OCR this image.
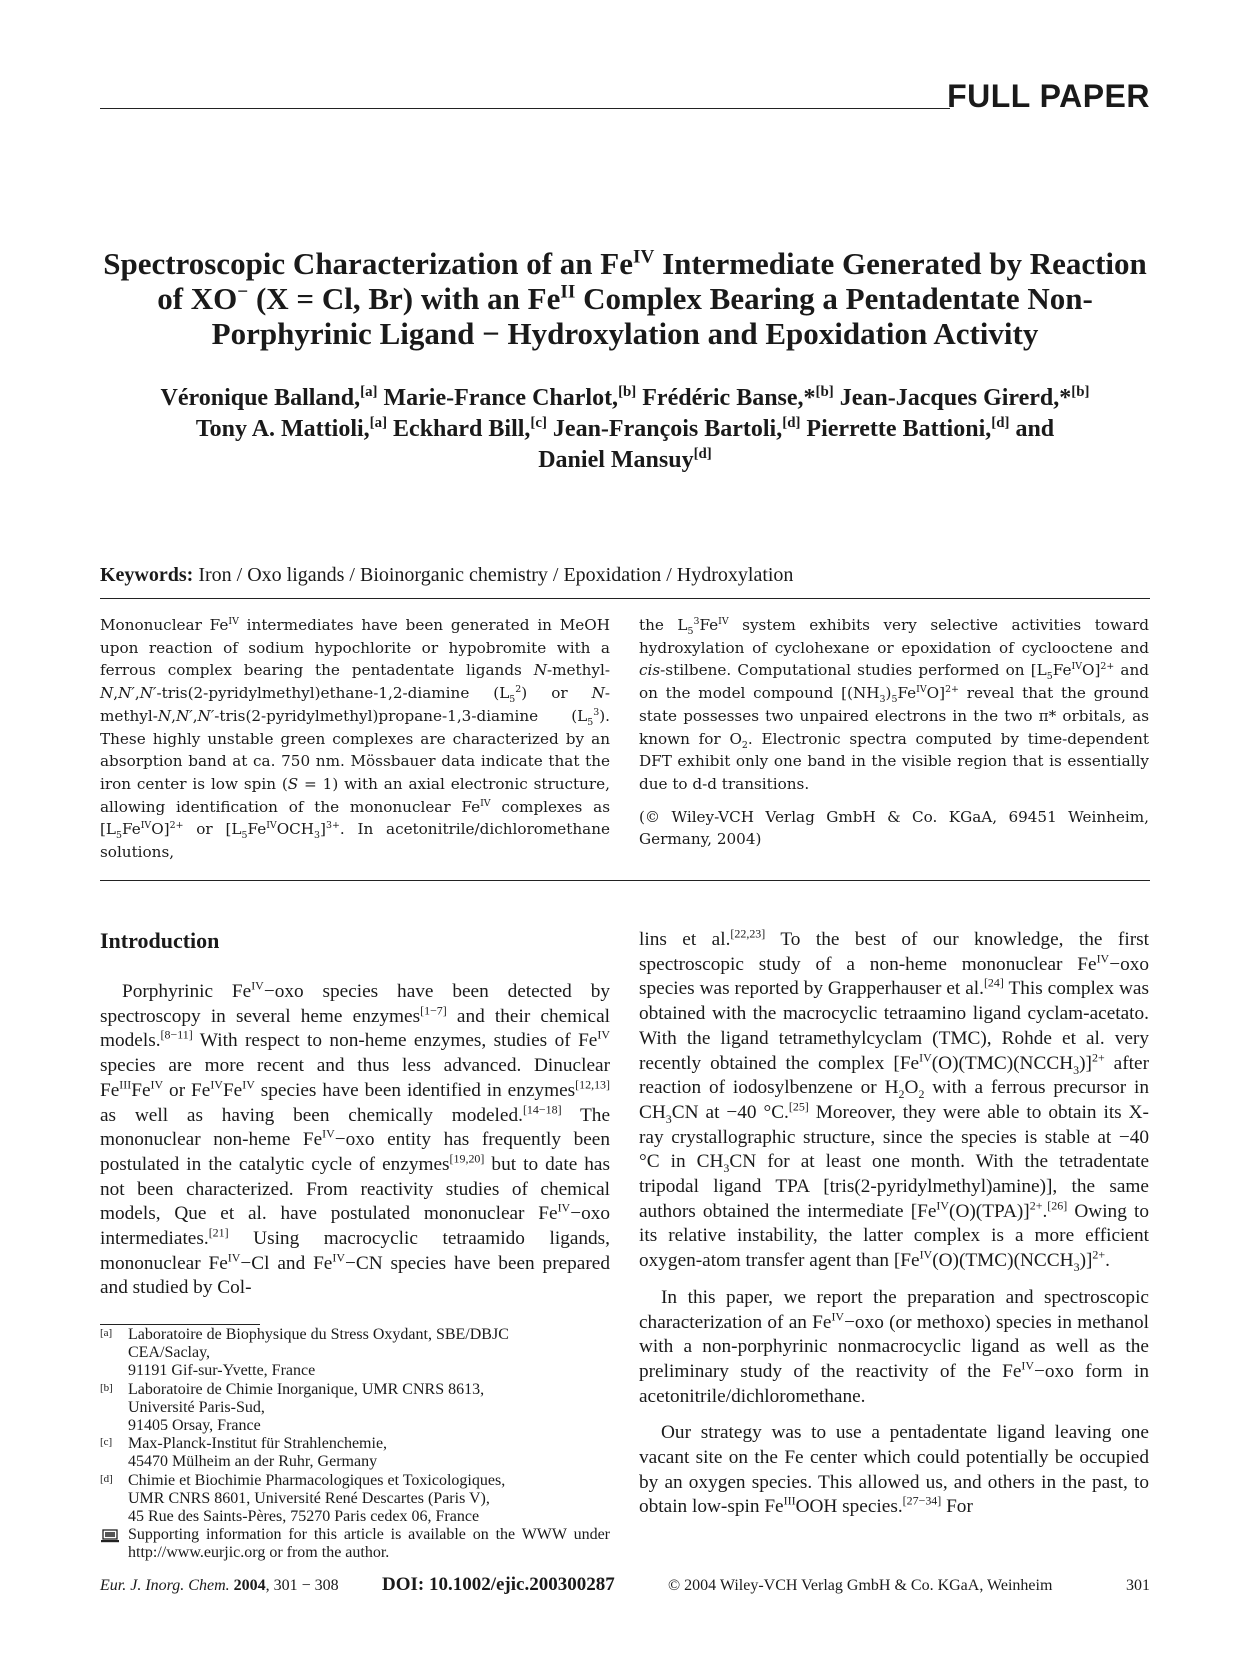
FULL PAPER
Spectroscopic Characterization of an $Fe^{IV}$ Intermediate Generated by Reaction
of XO− (X = Cl, Br) with an $Fe^{II}$ Complex Bearing a Pentadentate Non-
Porphyrinic Ligand − Hydroxylation and Epoxidation Activity

Véronique Balland,[a] Marie-France Charlot,[b] Frédéric Banse,*[b] Jean-Jacques Girerd,*[b]
Tony A. Mattioli,[a] Eckhard Bill,[c] Jean-François Bartoli,[d] Pierrette Battioni,[d] and
Daniel Mansuy[d]

Keywords: Iron / Oxo ligands / Bioinorganic chemistry / Epoxidation / Hydroxylation

Mononuclear $Fe^{IV}$ intermediates have been generated in MeOH upon reaction of sodium hypochlorite or hypobromite with a ferrous complex bearing the pentadentate ligands N-methyl-N,N′,N′-tris(2-pyridylmethyl)ethane-1,2-diamine $(L_5^2)$ or N-methyl-N,N′,N′-tris(2-pyridylmethyl)propane-1,3-diamine $(L_5^3)$. These highly unstable green complexes are characterized by an absorption band at ca. 750 nm. Mössbauer data indicate that the iron center is low spin (S = 1) with an axial electronic structure, allowing identification of the mononuclear $Fe^{IV}$ complexes as $[L_5Fe^{IV}O]^{2+}$ or $[L_5Fe^{IV}OCH_3]^{3+}$. In acetonitrile/dichloromethane solutions,

the $L_5^3Fe^{IV}$ system exhibits very selective activities toward hydroxylation of cyclohexane or epoxidation of cyclooctene and cis-stilbene. Computational studies performed on $[L_5Fe^{IV}O]^{2+}$ and on the model compound $[(NH_3)_5Fe^{IV}O]^{2+}$ reveal that the ground state possesses two unpaired electrons in the two π* orbitals, as known for $O_2$. Electronic spectra computed by time-dependent DFT exhibit only one band in the visible region that is essentially due to d-d transitions.

(© Wiley-VCH Verlag GmbH & Co. KGaA, 69451 Weinheim, Germany, 2004)

Introduction

Porphyrinic $Fe^{IV}-oxo$ species have been detected by spectroscopy in several heme enzymes[1−7] and their chemical models.[8−11] With respect to non-heme enzymes, studies of $Fe^{IV}$ species are more recent and thus less advanced. Dinuclear $Fe^{III}Fe^{IV}$ or $Fe^{IV}Fe^{IV}$ species have been identified in enzymes[12,13] as well as having been chemically modeled.[14−18] The mononuclear non-heme $Fe^{IV}-oxo$ entity has frequently been postulated in the catalytic cycle of enzymes[19,20] but to date has not been characterized. From reactivity studies of chemical models, Que et al. have postulated mononuclear $Fe^{IV}-oxo$ intermediates.[21] Using macrocyclic tetraamido ligands, mononuclear $Fe^{IV}-Cl$ and $Fe^{IV}-CN$ species have been prepared and studied by Col-

lins et al.[22,23] To the best of our knowledge, the first spectroscopic study of a non-heme mononuclear $Fe^{IV}-oxo$ species was reported by Grapperhauser et al.[24] This complex was obtained with the macrocyclic tetraamino ligand cyclam-acetato. With the ligand tetramethylcyclam (TMC), Rohde et al. very recently obtained the complex $[Fe^{IV}(O)(TMC)(NCCH_3)]^{2+}$ after reaction of iodosylbenzene or $H_2O_2$ with a ferrous precursor in $CH_3CN$ at −40 °C.[25] Moreover, they were able to obtain its X-ray crystallographic structure, since the species is stable at −40 °C in $CH_3CN$ for at least one month. With the tetradentate tripodal ligand TPA [tris(2-pyridylmethyl)amine)], the same authors obtained the intermediate $[Fe^{IV}(O)(TPA)]^{2+}.[26]$ Owing to its relative instability, the latter complex is a more efficient oxygen-atom transfer agent than $[Fe^{IV}(O)(TMC)(NCCH_3)]^{2+}$.

In this paper, we report the preparation and spectroscopic characterization of an $Fe^{IV}-oxo$ (or methoxo) species in methanol with a non-porphyrinic nonmacrocyclic ligand as well as the preliminary study of the reactivity of the $Fe^{IV}-oxo$ form in acetonitrile/dichloromethane.

Our strategy was to use a pentadentate ligand leaving one vacant site on the Fe center which could potentially be occupied by an oxygen species. This allowed us, and others in the past, to obtain low-spin $Fe^{III}OOH$ species.[27−34] For

[a] Laboratoire de Biophysique du Stress Oxydant, SBE/DBJC
CEA/Saclay,
91191 Gif-sur-Yvette, France
[b] Laboratoire de Chimie Inorganique, UMR CNRS 8613,
Université Paris-Sud,
91405 Orsay, France
[c] Max-Planck-Institut für Strahlenchemie,
45470 Mülheim an der Ruhr, Germany
[d] Chimie et Biochimie Pharmacologiques et Toxicologiques,
UMR CNRS 8601, Université René Descartes (Paris V),
45 Rue des Saints-Pères, 75270 Paris cedex 06, France
Supporting information for this article is available on the WWW under http://www.eurjic.org or from the author.
Eur. J. Inorg. Chem. 2004, 301 − 308 DOI: 10.1002/ejic.200300287	© 2004 Wiley-VCH Verlag GmbH & Co. KGaA, Weinheim	301
